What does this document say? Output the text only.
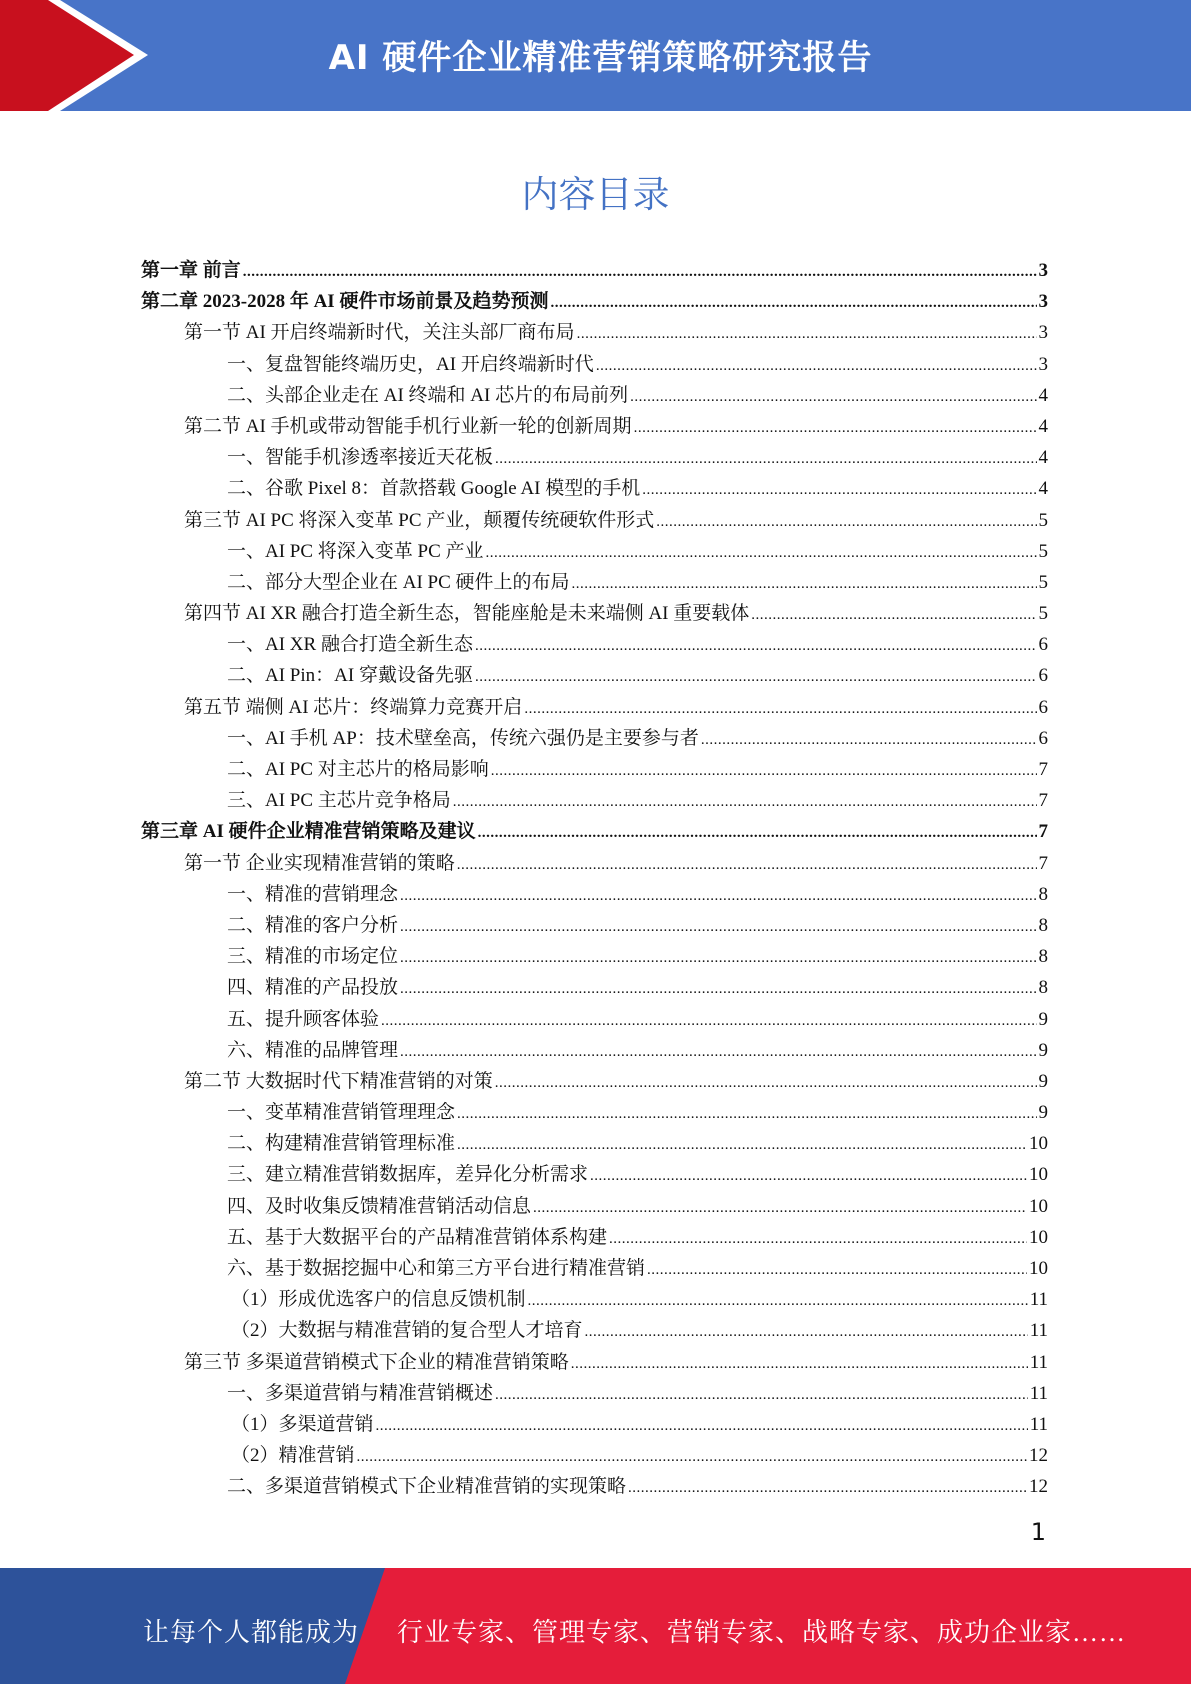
AI 硬件企业精准营销策略研究报告
内容目录
第一章 前言 .....	3
第二章 2023-2028 年 AI 硬件市场前景及趋势预测 .....	3
第一节 AI 开启终端新时代，关注头部厂商布局 .....	3
一、复盘智能终端历史，AI 开启终端新时代 .....	3
二、头部企业走在 AI 终端和 AI 芯片的布局前列 .....	4
第二节 AI 手机或带动智能手机行业新一轮的创新周期 .....	4
一、智能手机渗透率接近天花板 .....	4
二、谷歌 Pixel 8：首款搭载 Google AI 模型的手机 .....	4
第三节 AI PC 将深入变革 PC 产业，颠覆传统硬软件形式 .....	5
一、AI PC 将深入变革 PC 产业 .....	5
二、部分大型企业在 AI PC 硬件上的布局 .....	5
第四节 AI XR 融合打造全新生态，智能座舱是未来端侧 AI 重要载体 .....	5
一、AI XR 融合打造全新生态 .....	6
二、AI Pin：AI 穿戴设备先驱 .....	6
第五节 端侧 AI 芯片：终端算力竞赛开启 .....	6
一、AI 手机 AP：技术壁垒高，传统六强仍是主要参与者 .....	6
二、AI PC 对主芯片的格局影响 .....	7
三、AI PC 主芯片竞争格局 .....	7
第三章 AI 硬件企业精准营销策略及建议 .....	7
第一节 企业实现精准营销的策略 .....	7
一、精准的营销理念 .....	8
二、精准的客户分析 .....	8
三、精准的市场定位 .....	8
四、精准的产品投放 .....	8
五、提升顾客体验 .....	9
六、精准的品牌管理 .....	9
第二节 大数据时代下精准营销的对策 .....	9
一、变革精准营销管理理念 .....	9
二、构建精准营销管理标准 .....	10
三、建立精准营销数据库，差异化分析需求 .....	10
四、及时收集反馈精准营销活动信息 .....	10
五、基于大数据平台的产品精准营销体系构建 .....	10
六、基于数据挖掘中心和第三方平台进行精准营销 .....	10
（1）形成优选客户的信息反馈机制 .....	11
（2）大数据与精准营销的复合型人才培育 .....	11
第三节 多渠道营销模式下企业的精准营销策略 .....	11
一、多渠道营销与精准营销概述 .....	11
（1）多渠道营销 .....	11
（2）精准营销 .....	12
二、多渠道营销模式下企业精准营销的实现策略 .....	12
1
让每个人都能成为 行业专家、管理专家、营销专家、战略专家、成功企业家……
